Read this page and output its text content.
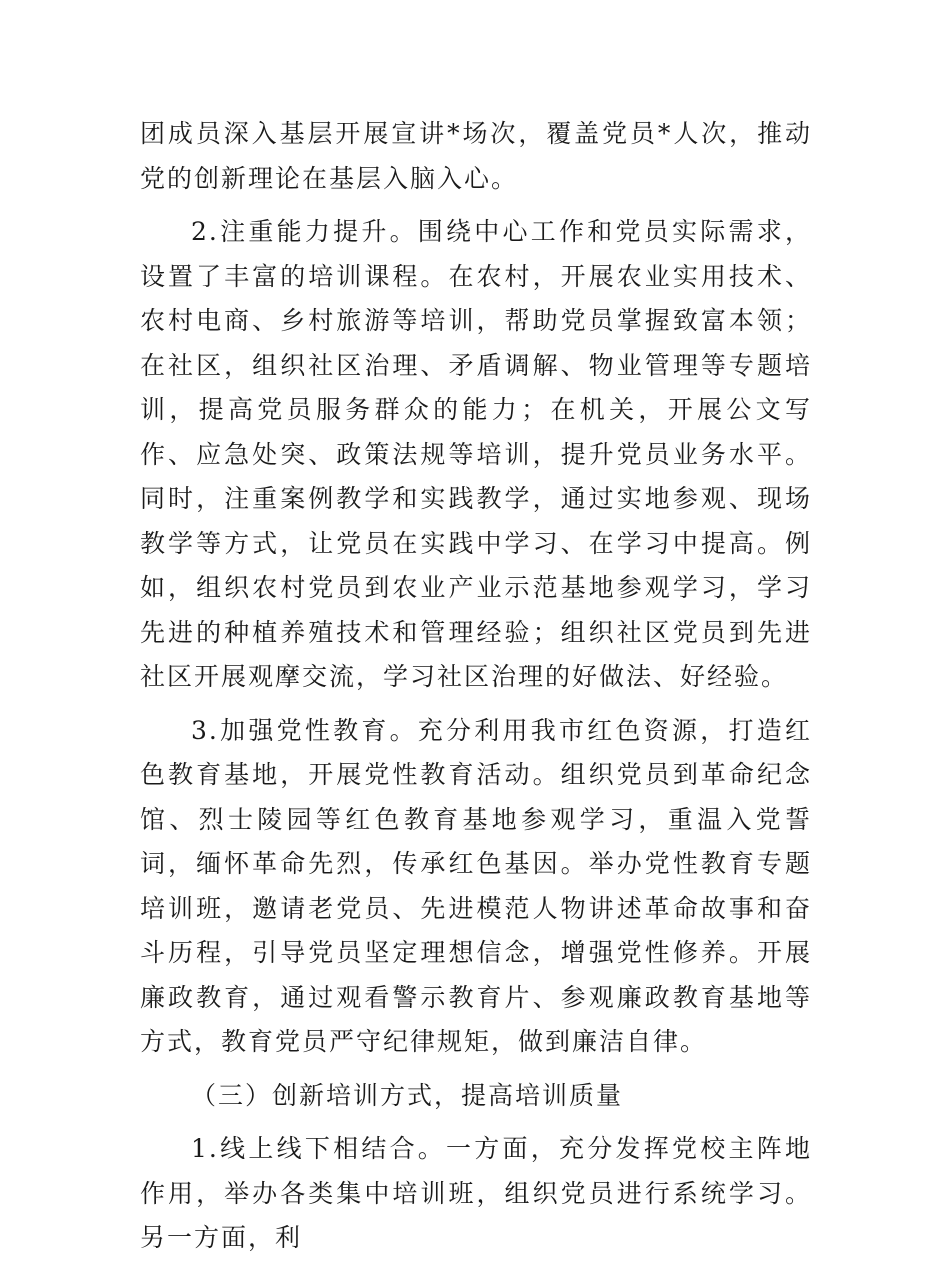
团成员深入基层开展宣讲*场次，覆盖党员*人次，推动党的创新理论在基层入脑入心。

2.注重能力提升。围绕中心工作和党员实际需求，设置了丰富的培训课程。在农村，开展农业实用技术、农村电商、乡村旅游等培训，帮助党员掌握致富本领；在社区，组织社区治理、矛盾调解、物业管理等专题培训，提高党员服务群众的能力；在机关，开展公文写作、应急处突、政策法规等培训，提升党员业务水平。同时，注重案例教学和实践教学，通过实地参观、现场教学等方式，让党员在实践中学习、在学习中提高。例如，组织农村党员到农业产业示范基地参观学习，学习先进的种植养殖技术和管理经验；组织社区党员到先进社区开展观摩交流，学习社区治理的好做法、好经验。

3.加强党性教育。充分利用我市红色资源，打造红色教育基地，开展党性教育活动。组织党员到革命纪念馆、烈士陵园等红色教育基地参观学习，重温入党誓词，缅怀革命先烈，传承红色基因。举办党性教育专题培训班，邀请老党员、先进模范人物讲述革命故事和奋斗历程，引导党员坚定理想信念，增强党性修养。开展廉政教育，通过观看警示教育片、参观廉政教育基地等方式，教育党员严守纪律规矩，做到廉洁自律。

（三）创新培训方式，提高培训质量

1.线上线下相结合。一方面，充分发挥党校主阵地作用，举办各类集中培训班，组织党员进行系统学习。另一方面，利
